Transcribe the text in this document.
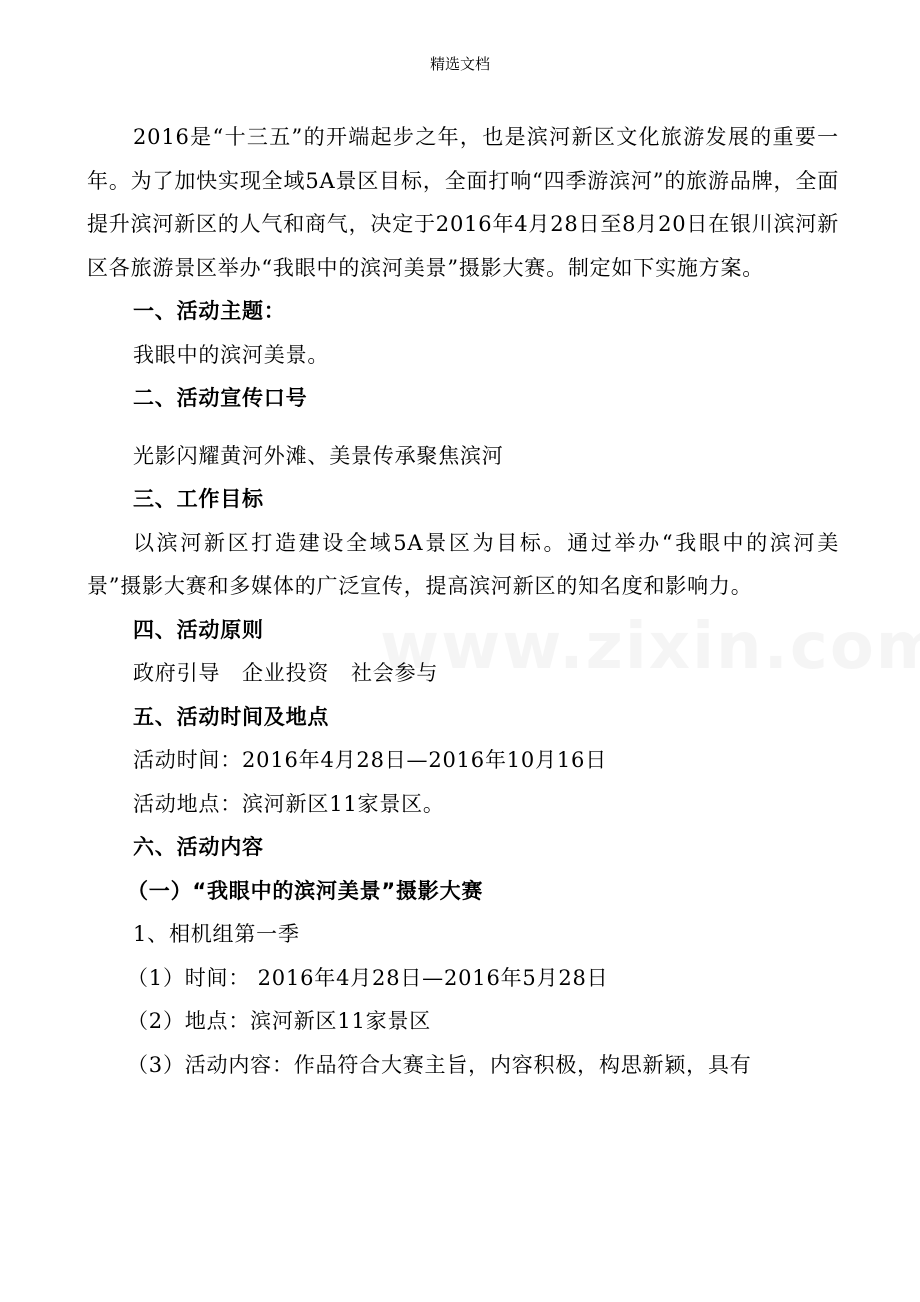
精选文档

2016是“十三五”的开端起步之年，也是滨河新区文化旅游发展的重要一年。为了加快实现全域5A景区目标，全面打响“四季游滨河”的旅游品牌，全面提升滨河新区的人气和商气，决定于2016年4月28日至8月20日在银川滨河新区各旅游景区举办“我眼中的滨河美景”摄影大赛。制定如下实施方案。

一、活动主题：

我眼中的滨河美景。

二、活动宣传口号

光影闪耀黄河外滩、美景传承聚焦滨河

三、工作目标

以滨河新区打造建设全域5A景区为目标。通过举办“我眼中的滨河美景”摄影大赛和多媒体的广泛宣传，提高滨河新区的知名度和影响力。

四、活动原则

政府引导　企业投资　社会参与

五、活动时间及地点

活动时间：2016年4月28日—2016年10月16日

活动地点：滨河新区11家景区。

六、活动内容

（一）“我眼中的滨河美景”摄影大赛

1、相机组第一季

（1）时间： 2016年4月28日—2016年5月28日

（2）地点：滨河新区11家景区

（3）活动内容：作品符合大赛主旨，内容积极，构思新颖，具有
